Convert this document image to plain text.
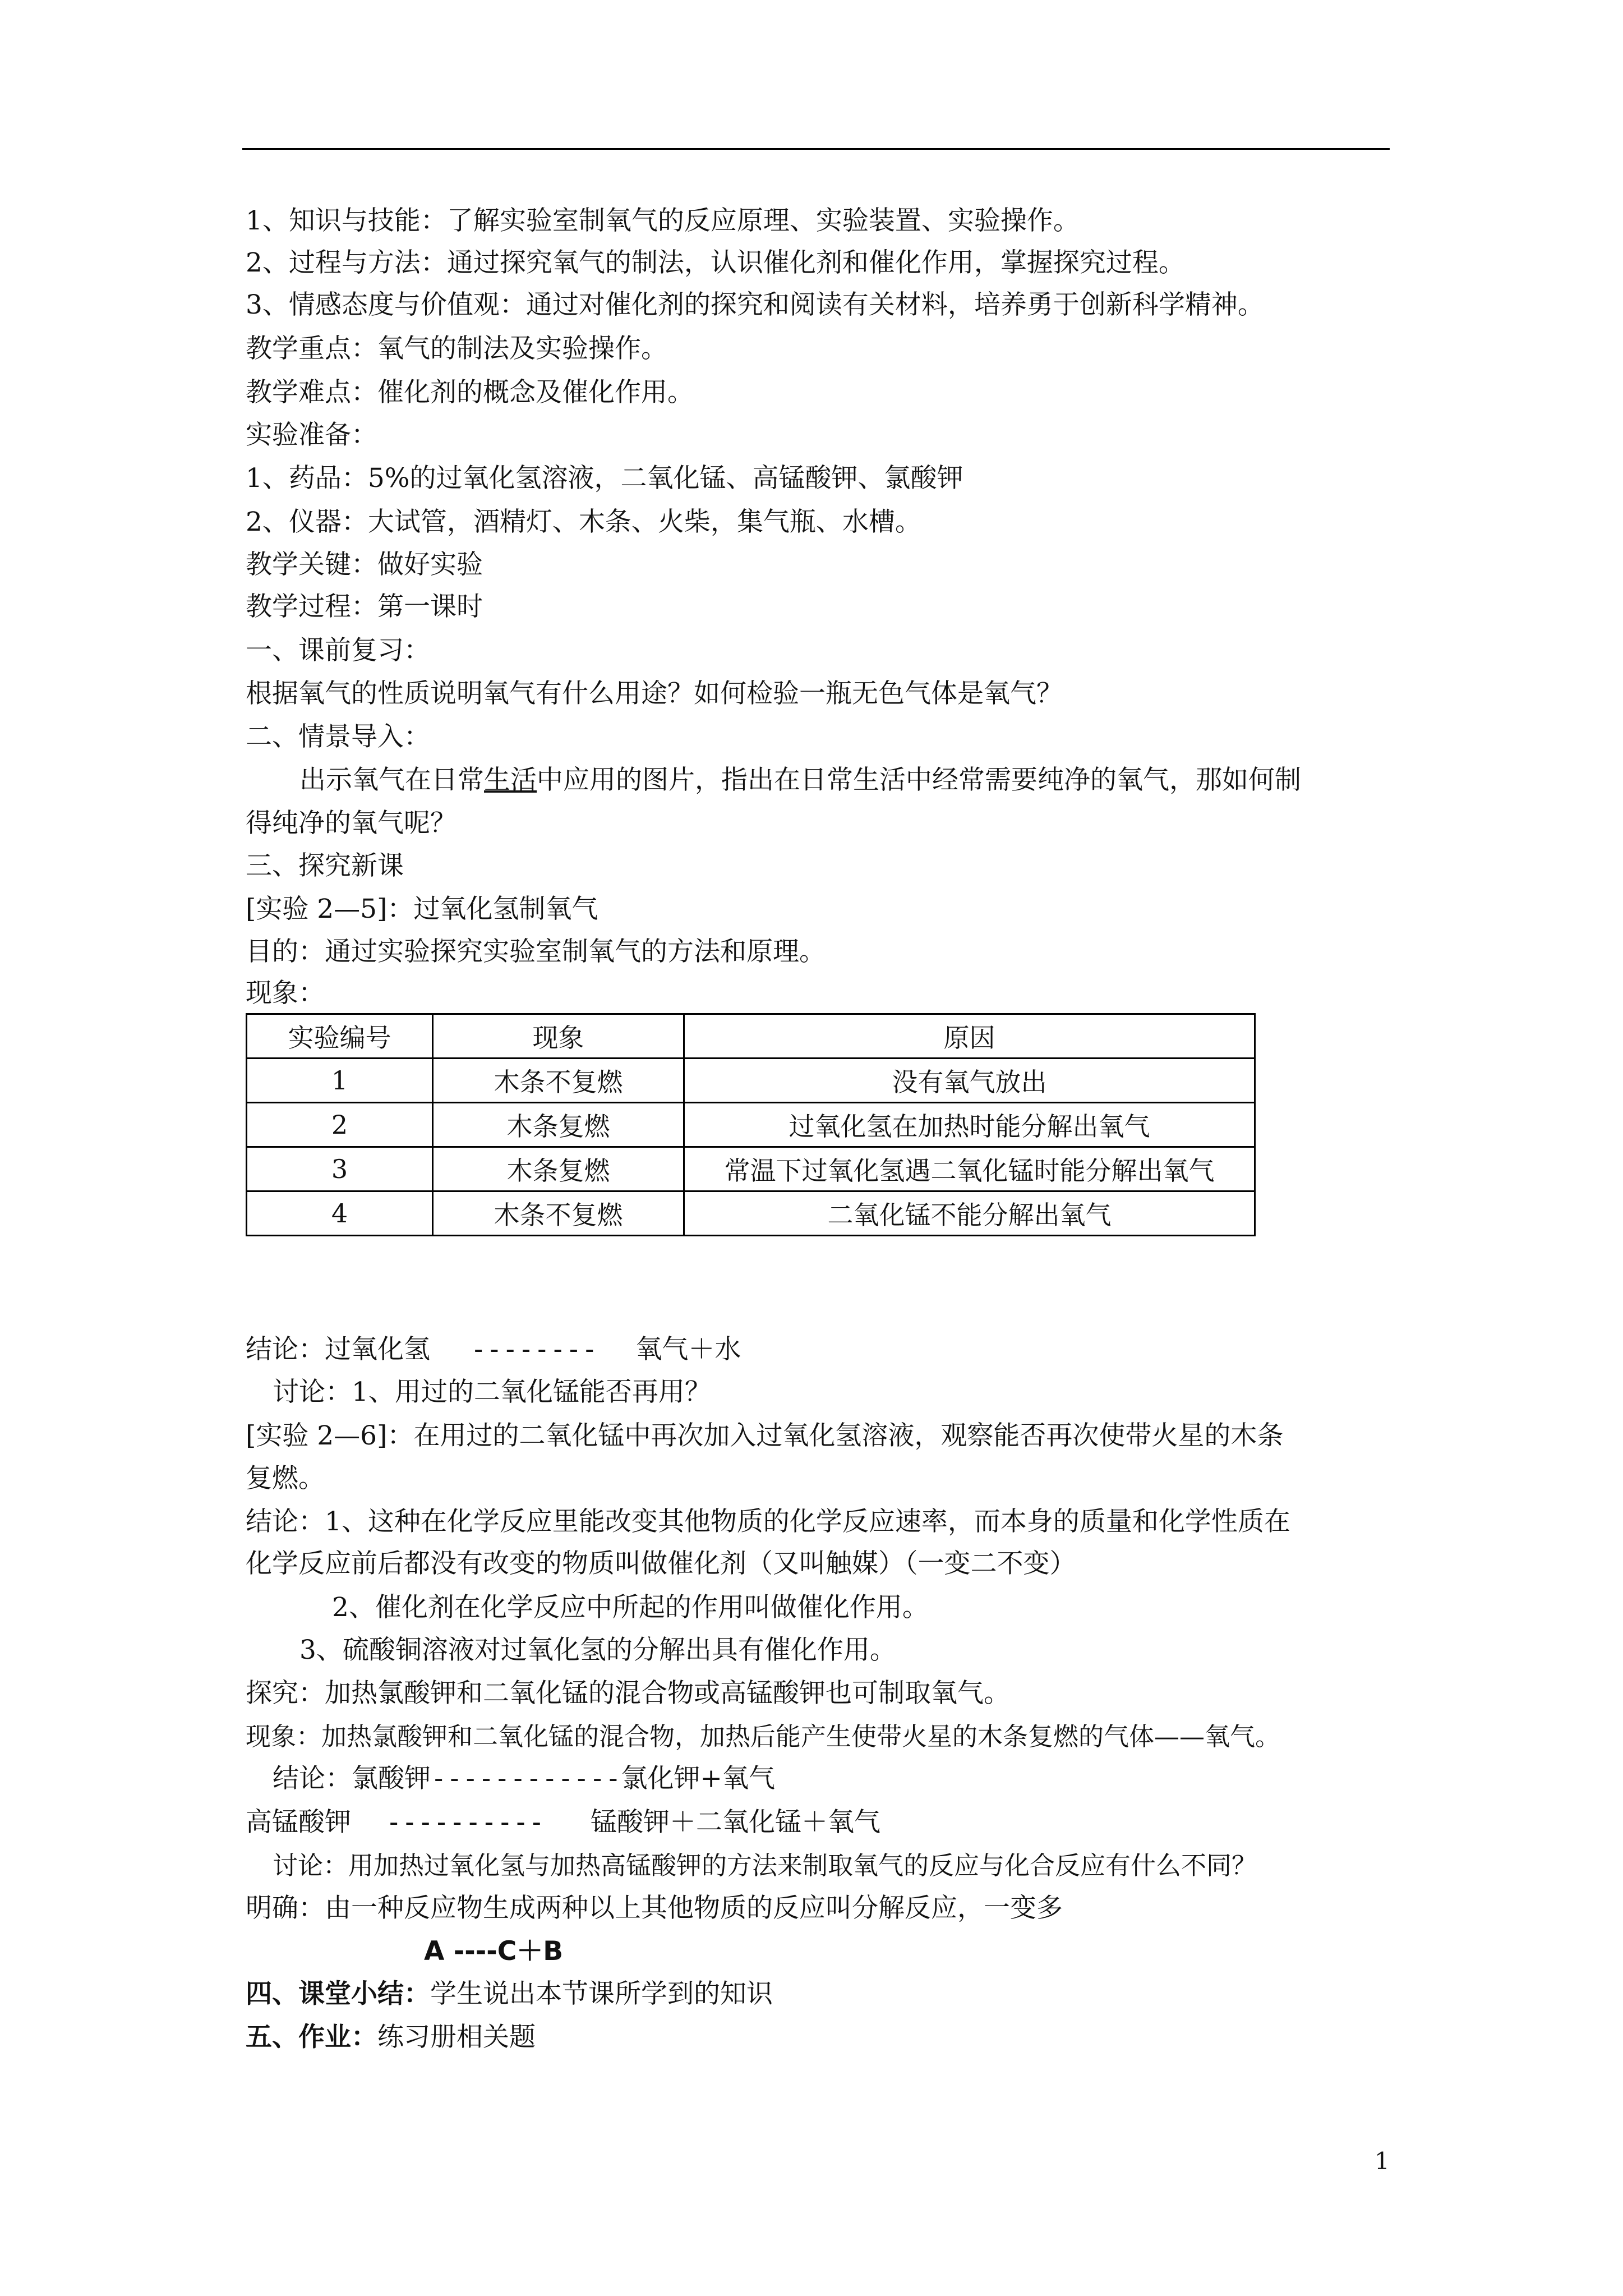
1、知识与技能：了解实验室制氧气的反应原理、实验装置、实验操作。
2、过程与方法：通过探究氧气的制法，认识催化剂和催化作用，掌握探究过程。
3、情感态度与价值观：通过对催化剂的探究和阅读有关材料，培养勇于创新科学精神。
教学重点：氧气的制法及实验操作。
教学难点：催化剂的概念及催化作用。
实验准备：
1、药品：5%的过氧化氢溶液，二氧化锰、高锰酸钾、氯酸钾
2、仪器：大试管，酒精灯、木条、火柴，集气瓶、水槽。
教学关键：做好实验
教学过程：第一课时
一、课前复习：
根据氧气的性质说明氧气有什么用途？如何检验一瓶无色气体是氧气？
二、情景导入：
出示氧气在日常生活中应用的图片，指出在日常生活中经常需要纯净的氧气，那如何制
得纯净的氧气呢？
三、探究新课
[实验 2—5]：过氧化氢制氧气
目的：通过实验探究实验室制氧气的方法和原理。
现象：
实验编号	现象	原因
1	木条不复燃	没有氧气放出
2	木条复燃	过氧化氢在加热时能分解出氧气
3	木条复燃	常温下过氧化氢遇二氧化锰时能分解出氧气
4	木条不复燃	二氧化锰不能分解出氧气
结论：过氧化氢 -------- 氧气＋水
讨论：1、用过的二氧化锰能否再用？
[实验 2—6]：在用过的二氧化锰中再次加入过氧化氢溶液，观察能否再次使带火星的木条
复燃。
结论：1、这种在化学反应里能改变其他物质的化学反应速率，而本身的质量和化学性质在
化学反应前后都没有改变的物质叫做催化剂（又叫触媒）（一变二不变）
2、催化剂在化学反应中所起的作用叫做催化作用。
3、硫酸铜溶液对过氧化氢的分解出具有催化作用。
探究：加热氯酸钾和二氧化锰的混合物或高锰酸钾也可制取氧气。
现象：加热氯酸钾和二氧化锰的混合物，加热后能产生使带火星的木条复燃的气体——氧气。
结论：氯酸钾------------氯化钾+氧气
高锰酸钾 ---------- 锰酸钾＋二氧化锰＋氧气
讨论：用加热过氧化氢与加热高锰酸钾的方法来制取氧气的反应与化合反应有什么不同？
明确：由一种反应物生成两种以上其他物质的反应叫分解反应，一变多
A ----C＋B
四、课堂小结：学生说出本节课所学到的知识
五、作业：练习册相关题
1
